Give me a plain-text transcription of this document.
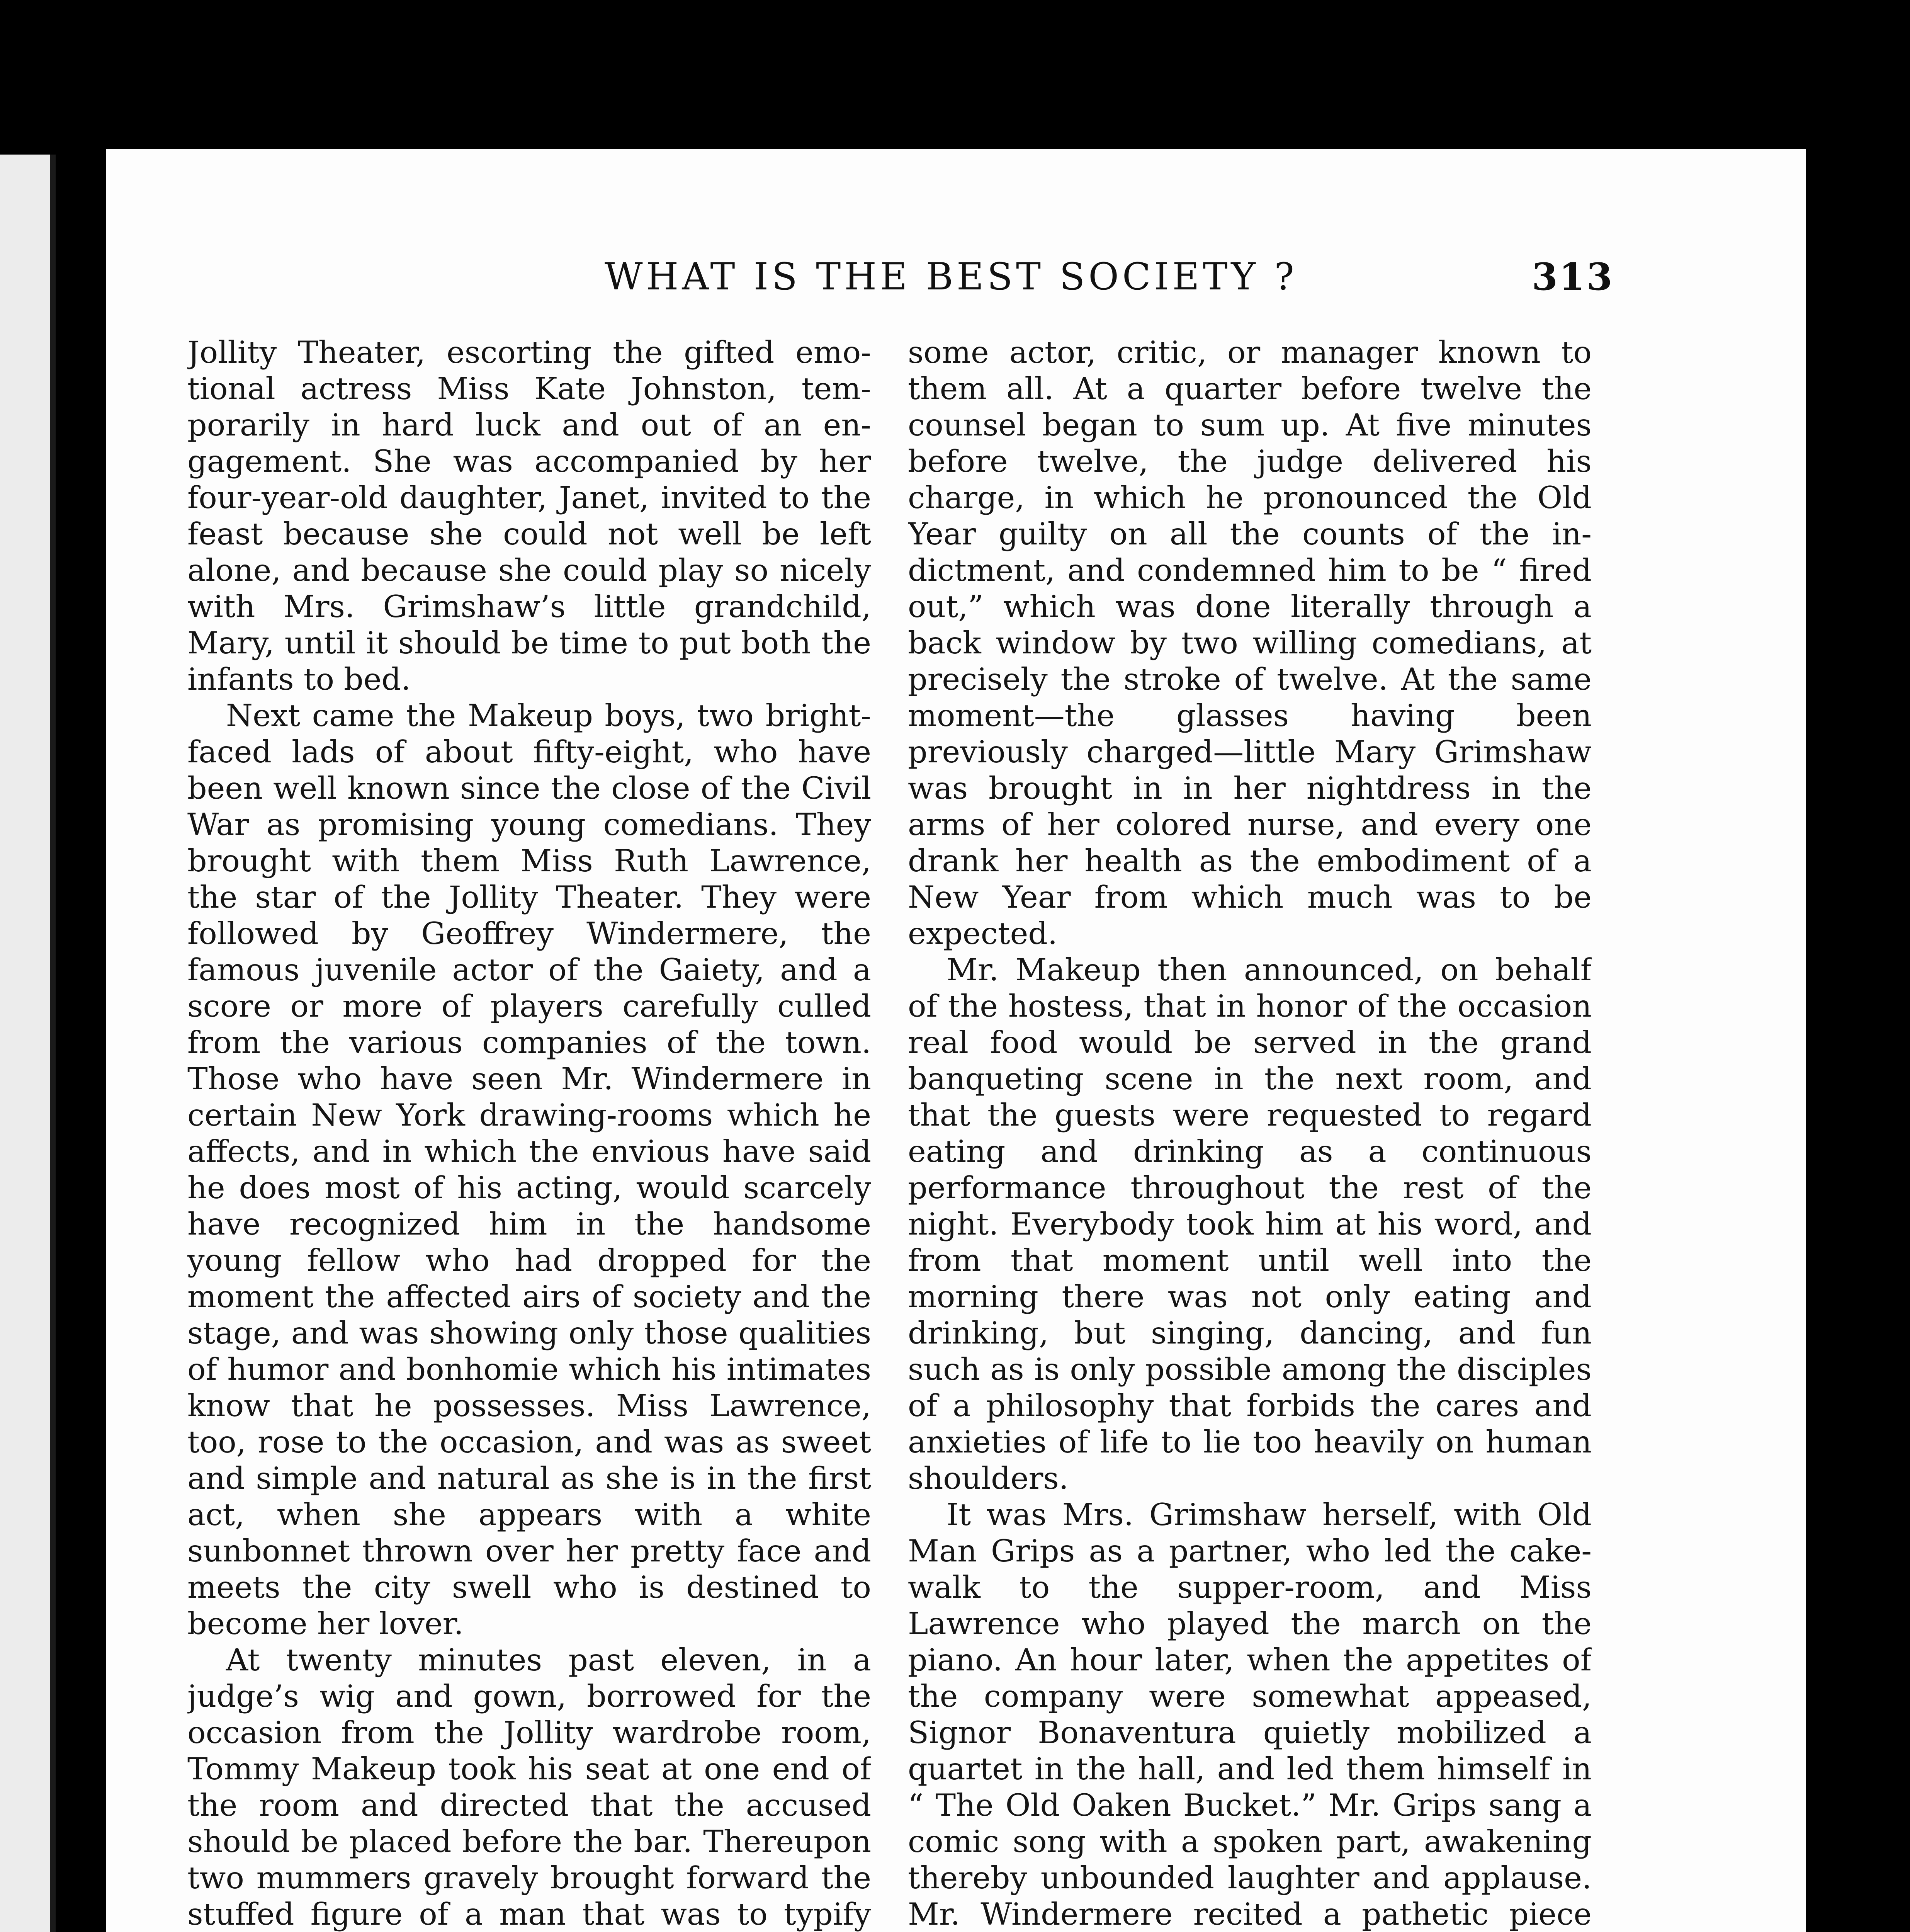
WHAT IS THE BEST SOCIETY ?	313

Jollity Theater, escorting the gifted emotional actress Miss Kate Johnston, temporarily in hard luck and out of an engagement. She was accompanied by her four-year-old daughter, Janet, invited to the feast because she could not well be left alone, and because she could play so nicely with Mrs. Grimshaw’s little grandchild, Mary, until it should be time to put both the infants to bed.

Next came the Makeup boys, two bright-faced lads of about fifty-eight, who have been well known since the close of the Civil War as promising young comedians. They brought with them Miss Ruth Lawrence, the star of the Jollity Theater. They were followed by Geoffrey Windermere, the famous juvenile actor of the Gaiety, and a score or more of players carefully culled from the various companies of the town. Those who have seen Mr. Windermere in certain New York drawing-rooms which he affects, and in which the envious have said he does most of his acting, would scarcely have recognized him in the handsome young fellow who had dropped for the moment the affected airs of society and the stage, and was showing only those qualities of humor and bonhomie which his intimates know that he possesses. Miss Lawrence, too, rose to the occasion, and was as sweet and simple and natural as she is in the first act, when she appears with a white sunbonnet thrown over her pretty face and meets the city swell who is destined to become her lover.

At twenty minutes past eleven, in a judge’s wig and gown, borrowed for the occasion from the Jollity wardrobe room, Tommy Makeup took his seat at one end of the room and directed that the accused should be placed before the bar. Thereupon two mummers gravely brought forward the stuffed figure of a man that was to typify

some actor, critic, or manager known to them all. At a quarter before twelve the counsel began to sum up. At five minutes before twelve, the judge delivered his charge, in which he pronounced the Old Year guilty on all the counts of the indictment, and condemned him to be “ fired out,” which was done literally through a back window by two willing comedians, at precisely the stroke of twelve. At the same moment—the glasses having been previously charged—little Mary Grimshaw was brought in in her nightdress in the arms of her colored nurse, and every one drank her health as the embodiment of a New Year from which much was to be expected.

Mr. Makeup then announced, on behalf of the hostess, that in honor of the occasion real food would be served in the grand banqueting scene in the next room, and that the guests were requested to regard eating and drinking as a continuous performance throughout the rest of the night. Everybody took him at his word, and from that moment until well into the morning there was not only eating and drinking, but singing, dancing, and fun such as is only possible among the disciples of a philosophy that forbids the cares and anxieties of life to lie too heavily on human shoulders.

It was Mrs. Grimshaw herself, with Old Man Grips as a partner, who led the cake-walk to the supper-room, and Miss Lawrence who played the march on the piano. An hour later, when the appetites of the company were somewhat appeased, Signor Bonaventura quietly mobilized a quartet in the hall, and led them himself in “ The Old Oaken Bucket.” Mr. Grips sang a comic song with a spoken part, awakening thereby unbounded laughter and applause. Mr. Windermere recited a pathetic piece
